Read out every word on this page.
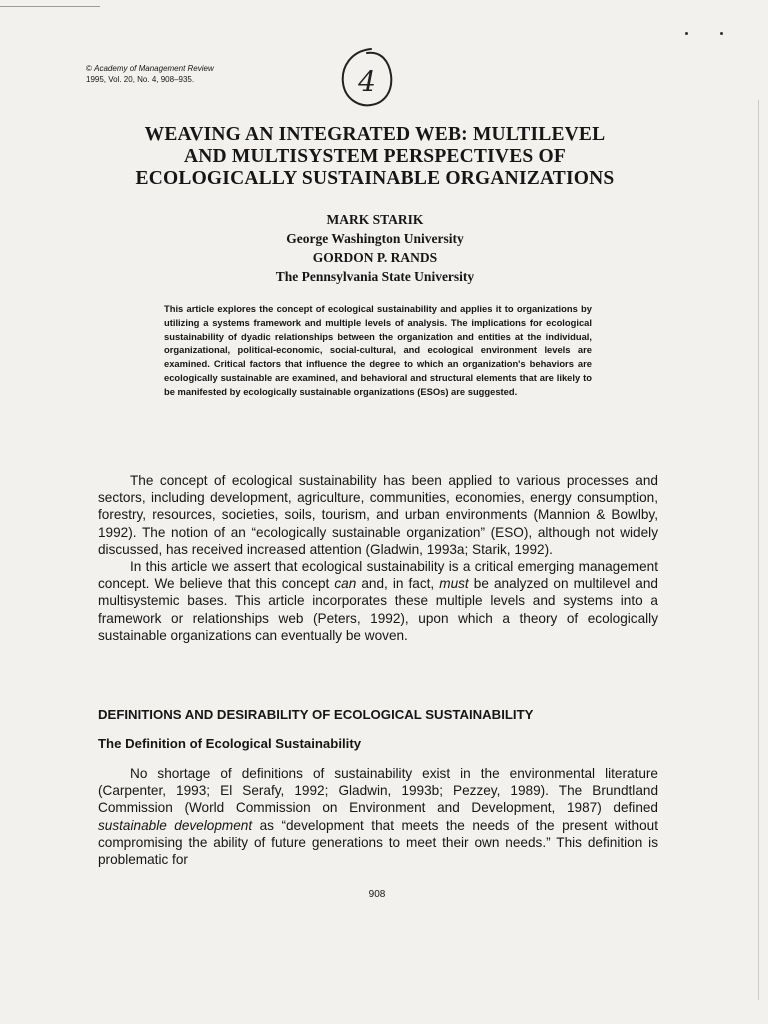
© Academy of Management Review
1995, Vol. 20, No. 4, 908–935.	4
WEAVING AN INTEGRATED WEB: MULTILEVEL
AND MULTISYSTEM PERSPECTIVES OF
ECOLOGICALLY SUSTAINABLE ORGANIZATIONS
MARK STARIK
George Washington University
GORDON P. RANDS
The Pennsylvania State University
This article explores the concept of ecological sustainability and applies it to organizations by utilizing a systems framework and multiple levels of analysis. The implications for ecological sustainability of dyadic relationships between the organization and entities at the individual, organizational, political-economic, social-cultural, and ecological environment levels are examined. Critical factors that influence the degree to which an organization's behaviors are ecologically sustainable are examined, and behavioral and structural elements that are likely to be manifested by ecologically sustainable organizations (ESOs) are suggested.

The concept of ecological sustainability has been applied to various processes and sectors, including development, agriculture, communities, economies, energy consumption, forestry, resources, societies, soils, tourism, and urban environments (Mannion & Bowlby, 1992). The notion of an “ecologically sustainable organization” (ESO), although not widely discussed, has received increased attention (Gladwin, 1993a; Starik, 1992).

In this article we assert that ecological sustainability is a critical emerging management concept. We believe that this concept can and, in fact, must be analyzed on multilevel and multisystemic bases. This article incorporates these multiple levels and systems into a framework or relationships web (Peters, 1992), upon which a theory of ecologically sustainable organizations can eventually be woven.

DEFINITIONS AND DESIRABILITY OF ECOLOGICAL SUSTAINABILITY
The Definition of Ecological Sustainability

No shortage of definitions of sustainability exist in the environmental literature (Carpenter, 1993; El Serafy, 1992; Gladwin, 1993b; Pezzey, 1989). The Brundtland Commission (World Commission on Environment and Development, 1987) defined sustainable development as “development that meets the needs of the present without compromising the ability of future generations to meet their own needs.” This definition is problematic for

908
